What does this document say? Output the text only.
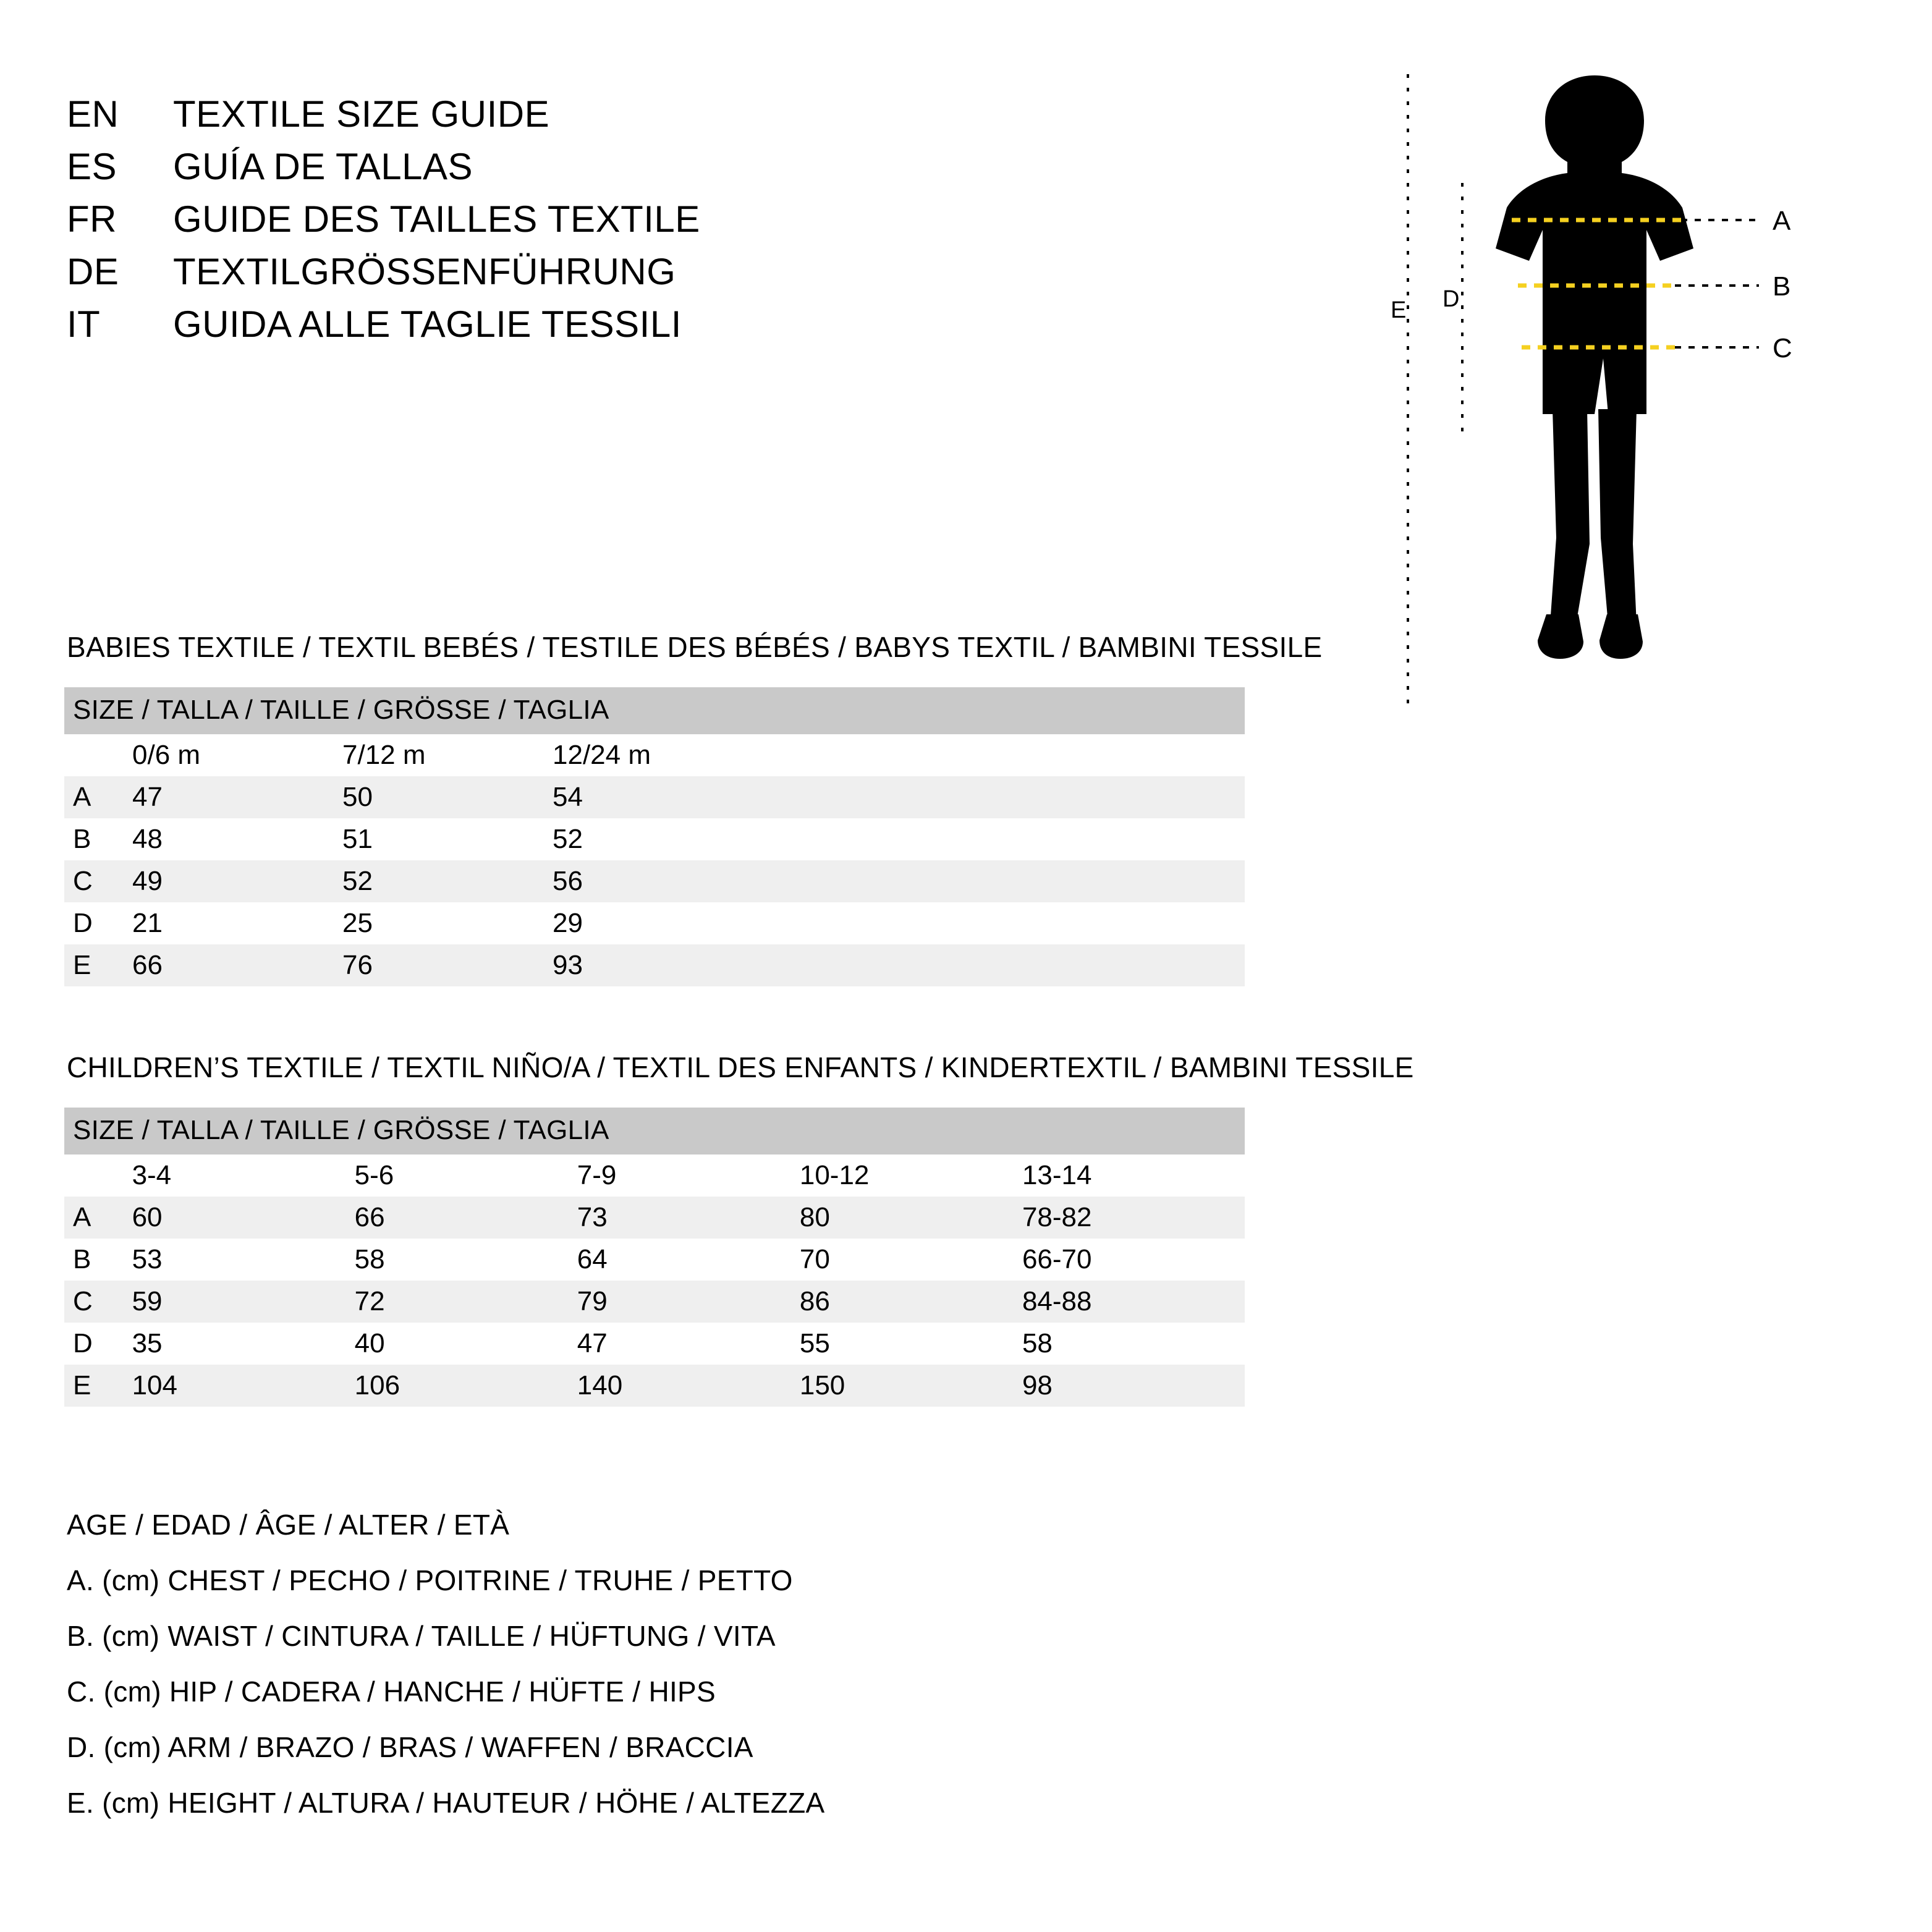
EN	TEXTILE SIZE GUIDE
ES	GUÍA DE TALLAS
FR	GUIDE DES TAILLES TEXTILE
DE	TEXTILGRÖSSENFÜHRUNG
IT	GUIDA ALLE TAGLIE TESSILI
A
B
C
D
E
BABIES TEXTILE / TEXTIL BEBÉS / TESTILE DES BÉBÉS / BABYS TEXTIL / BAMBINI TESSILE
SIZE / TALLA / TAILLE / GRÖSSE / TAGLIA				
	0/6 m	7/12 m	12/24 m	
A	47	50	54	
B	48	51	52	
C	49	52	56	
D	21	25	29	
E	66	76	93	
CHILDREN’S TEXTILE / TEXTIL NIÑO/A / TEXTIL DES ENFANTS / KINDERTEXTIL / BAMBINI TESSILE
SIZE / TALLA / TAILLE / GRÖSSE / TAGLIA					
	3-4	5-6	7-9	10-12	13-14
A	60	66	73	80	78-82
B	53	58	64	70	66-70
C	59	72	79	86	84-88
D	35	40	47	55	58
E	104	106	140	150	98
AGE / EDAD / ÂGE / ALTER / ETÀ
A. (cm) CHEST / PECHO / POITRINE / TRUHE / PETTO
B. (cm) WAIST / CINTURA / TAILLE / HÜFTUNG / VITA
C. (cm) HIP / CADERA / HANCHE / HÜFTE / HIPS
D. (cm) ARM / BRAZO / BRAS / WAFFEN / BRACCIA
E. (cm) HEIGHT / ALTURA / HAUTEUR / HÖHE / ALTEZZA
